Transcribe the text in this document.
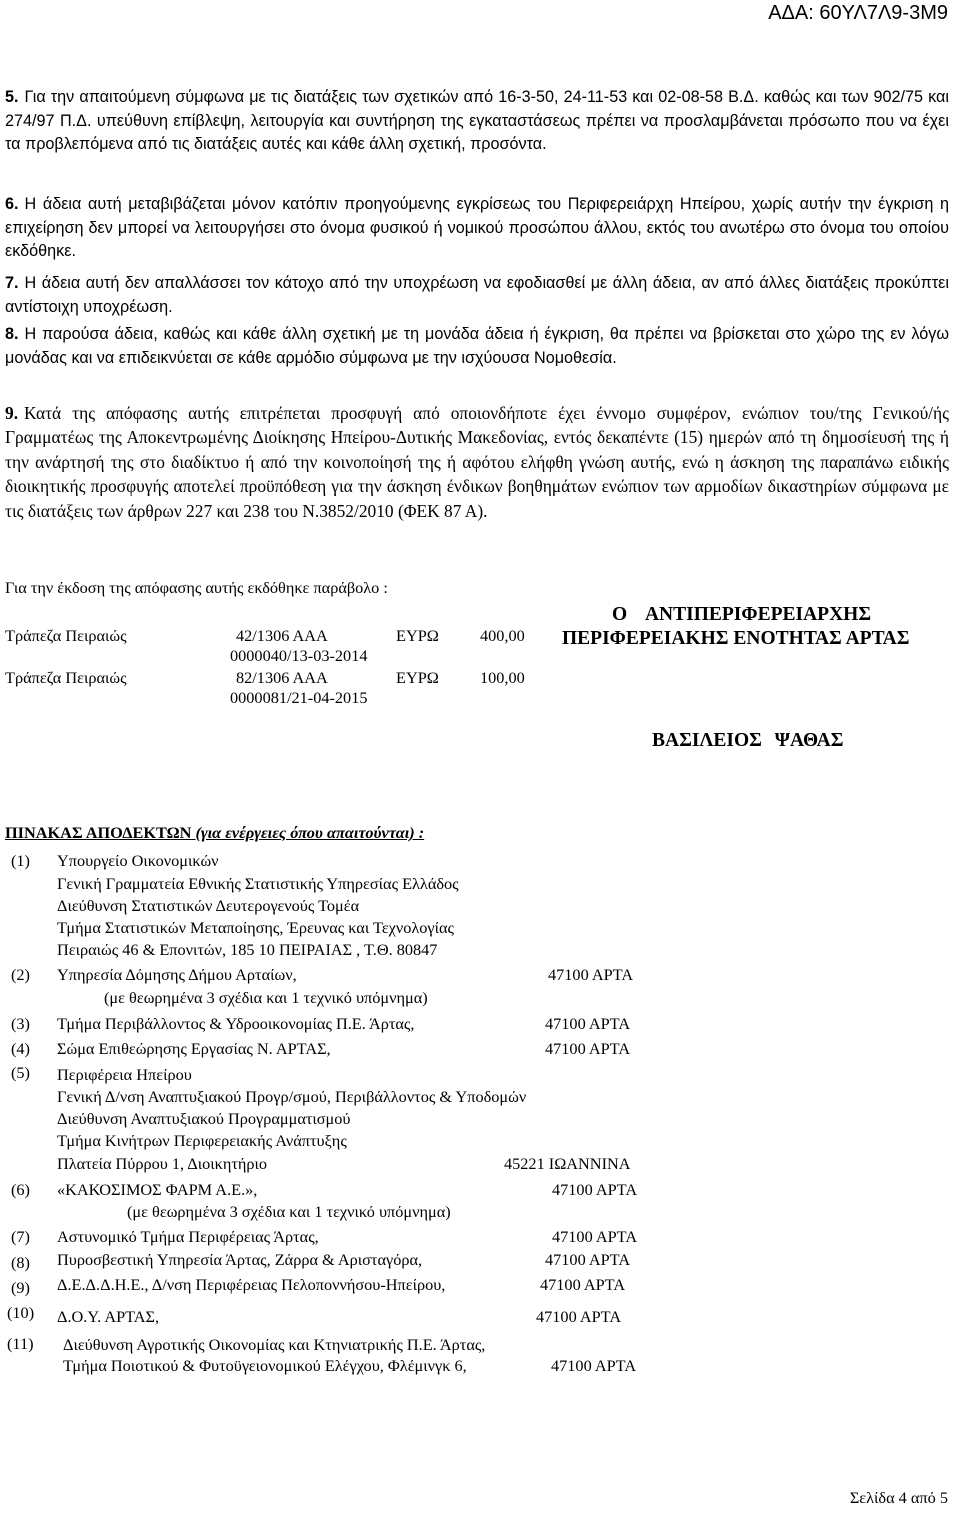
ΑΔΑ: 60ΥΛ7Λ9-3Μ9
5. Για την απαιτούμενη σύμφωνα με τις διατάξεις των σχετικών από 16-3-50, 24-11-53 και 02-08-58 Β.Δ. καθώς και των 902/75 και 274/97 Π.Δ. υπεύθυνη επίβλεψη, λειτουργία και συντήρηση της εγκαταστάσεως πρέπει να προσλαμβάνεται πρόσωπο που να έχει τα προβλεπόμενα από τις διατάξεις αυτές και κάθε άλλη σχετική, προσόντα.
6. Η άδεια αυτή μεταβιβάζεται μόνον κατόπιν προηγούμενης εγκρίσεως του Περιφερειάρχη Ηπείρου, χωρίς αυτήν την έγκριση η επιχείρηση δεν μπορεί να λειτουργήσει στο όνομα φυσικού ή νομικού προσώπου άλλου, εκτός του ανωτέρω στο όνομα του οποίου εκδόθηκε.
7. Η άδεια αυτή δεν απαλλάσσει τον κάτοχο από την υποχρέωση να εφοδιασθεί με άλλη άδεια, αν από άλλες διατάξεις προκύπτει αντίστοιχη υποχρέωση.
8. Η παρούσα άδεια, καθώς και κάθε άλλη σχετική με τη μονάδα άδεια ή έγκριση, θα πρέπει να βρίσκεται στο χώρο της εν λόγω μονάδας και να επιδεικνύεται σε κάθε αρμόδιο σύμφωνα με την ισχύουσα Νομοθεσία.
9. Κατά της απόφασης αυτής επιτρέπεται προσφυγή από οποιονδήποτε έχει έννομο συμφέρον, ενώπιον του/της Γενικού/ής Γραμματέως της Αποκεντρωμένης Διοίκησης Ηπείρου-Δυτικής Μακεδονίας, εντός δεκαπέντε (15) ημερών από τη δημοσίευσή της ή την ανάρτησή της στο διαδίκτυο ή από την κοινοποίησή της ή αφότου ελήφθη γνώση αυτής, ενώ η άσκηση της παραπάνω ειδικής διοικητικής προσφυγής αποτελεί προϋπόθεση για την άσκηση ένδικων βοηθημάτων ενώπιον των αρμοδίων δικαστηρίων σύμφωνα με τις διατάξεις των άρθρων 227 και 238 του Ν.3852/2010 (ΦΕΚ 87 Α).
Για την έκδοση της απόφασης αυτής εκδόθηκε παράβολο :
Τράπεζα Πειραιώς	42/1306 ΑΑΑ
0000040/13-03-2014
ΕΥΡΩ	400,00
Τράπεζα Πειραιώς	82/1306 ΑΑΑ
0000081/21-04-2015
ΕΥΡΩ	100,00
Ο ΑΝΤΙΠΕΡΙΦΕΡΕΙΑΡΧΗΣ
ΠΕΡΙΦΕΡΕΙΑΚΗΣ ΕΝΟΤΗΤΑΣ ΑΡΤΑΣ
ΒΑΣΙΛΕΙΟΣ ΨΑΘΑΣ
ΠΙΝΑΚΑΣ ΑΠΟΔΕΚΤΩΝ (για ενέργειες όπου απαιτούνται) :
(1) Υπουργείο Οικονομικών
Γενική Γραμματεία Εθνικής Στατιστικής Υπηρεσίας Ελλάδος
Διεύθυνση Στατιστικών Δευτερογενούς Τομέα
Τμήμα Στατιστικών Μεταποίησης, Έρευνας και Τεχνολογίας
Πειραιώς 46 & Επονιτών, 185 10 ΠΕΙΡΑΙΑΣ , Τ.Θ. 80847
(2) Υπηρεσία Δόμησης Δήμου Αρταίων,	47100 ΑΡΤΑ
(με θεωρημένα 3 σχέδια και 1 τεχνικό υπόμνημα)
(3) Τμήμα Περιβάλλοντος & Υδροοικονομίας Π.Ε. Άρτας,	47100 ΑΡΤΑ
(4) Σώμα Επιθεώρησης Εργασίας Ν. ΑΡΤΑΣ,	47100 ΑΡΤΑ
(5) Περιφέρεια Ηπείρου
Γενική Δ/νση Αναπτυξιακού Προγρ/σμού, Περιβάλλοντος & Υποδομών
Διεύθυνση Αναπτυξιακού Προγραμματισμού
Τμήμα Κινήτρων Περιφερειακής Ανάπτυξης
Πλατεία Πύρρου 1, Διοικητήριο	45221 ΙΩΑΝΝΙΝΑ
(6) «ΚΑΚΟΣΙΜΟΣ ΦΑΡΜ Α.Ε.»,	47100 ΑΡΤΑ
(με θεωρημένα 3 σχέδια και 1 τεχνικό υπόμνημα)
(7) Αστυνομικό Τμήμα Περιφέρειας Άρτας,	47100 ΑΡΤΑ
(8) Πυροσβεστική Υπηρεσία Άρτας, Ζάρρα & Αρισταγόρα,	47100 ΑΡΤΑ
(9) Δ.Ε.Δ.Δ.Η.Ε., Δ/νση Περιφέρειας Πελοποννήσου-Ηπείρου,	47100 ΑΡΤΑ
(10) Δ.Ο.Υ. ΑΡΤΑΣ,	47100 ΑΡΤΑ
(11) Διεύθυνση Αγροτικής Οικονομίας και Κτηνιατρικής Π.Ε. Άρτας,
Τμήμα Ποιοτικού & Φυτοϋγειονομικού Ελέγχου, Φλέμινγκ 6,	47100 ΑΡΤΑ
Σελίδα 4 από 5
